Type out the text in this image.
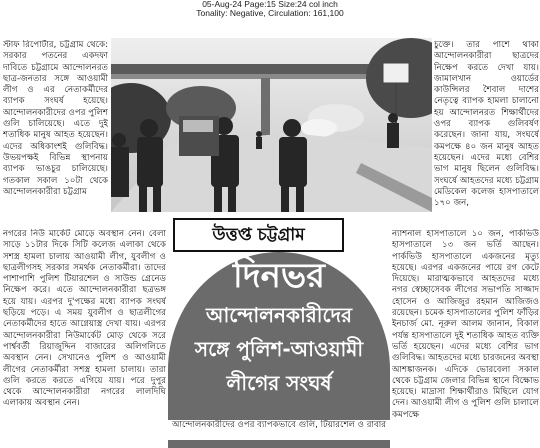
05-Aug-24 Page:15 Size:24 col inch
Tonality: Negative, Circulation: 161,100

স্টাফ রিপোর্টার, চট্টগ্রাম থেকে: সরকার পতনের একদফা দাবিতে চট্টগ্রামে আন্দোলনরত ছাত্র-জনতার সঙ্গে আওয়ামী লীগ ও এর নেতাকর্মীদের ব্যাপক সংঘর্ষ হয়েছে। আন্দোলনকারীদের ওপর পুলিশ গুলি চালিয়েছে। এতে দুই শতাধিক মানুষ আহত হয়েছেন। এদের অধিকাংশই গুলিবিদ্ধ। উভয়পক্ষই বিভিন্ন স্থাপনায় ব্যাপক ভাঙচুর চালিয়েছে। গতকাল সকাল ১০টা থেকে আন্দোলনকারীরা চট্টগ্রাম

চুক্তে। তার পাশে থাকা আন্দোলনকারীরা ছাত্রদের নিক্ষেপ করতে দেখা যায়। জামালখান ওয়ার্ডের কাউন্সিলর শৈবাল দাশের নেতৃত্বে ব্যাপক হামলা চালানো হয় আন্দোলনরত শিক্ষার্থীদের ওপর ব্যাপক গুলিবর্ষণ করেছেন। জানা যায়, সংঘর্ষে কমপক্ষে ৪০ জন মানুষ আহত হয়েছেন। এদের মধ্যে বেশির ভাগ মানুষ ছিলেন গুলিবিদ্ধ। সংঘর্ষে আহতদের মধ্যে চট্টগ্রাম মেডিকেল কলেজ হাসপাতালে ১৭০ জন,

নগরের নিউ মার্কেট মোড়ে অবস্থান নেন। বেলা সাড়ে ১১টার দিকে সিটি কলেজ এলাকা থেকে সশস্ত্র হামলা চালায় আওয়ামী লীগ, যুবলীগ ও ছাত্রলীগসহ সরকার সমর্থক নেতাকর্মীরা। তাদের পাশাপাশি পুলিশ টিয়ারশেল ও সাউন্ড গ্রেনেড নিক্ষেপ করে। এতে আন্দোলনকারীরা ছত্রভঙ্গ হয়ে যায়। এরপর দু'পক্ষের মধ্যে ব্যাপক সংঘর্ষ ছড়িয়ে পড়ে। এ সময় যুবলীগ ও ছাত্রলীগের নেতাকর্মীদের হাতে আগ্নেয়াস্ত্র দেখা যায়। এরপর আন্দোলনকারীরা নিউমার্কেট মোড় থেকে সরে পার্শ্ববর্তী রিয়াজুদ্দিন বাজারের অলিগলিতে অবস্থান নেন। সেখানেও পুলিশ ও আওয়ামী লীগের নেতাকর্মীরা সশস্ত্র হামলা চালায়। তারা গুলি করতে করতে এগিয়ে যায়। পরে দুপুর থেকে আন্দোলনকারীরা নগরের লালদিঘি এলাকায় অবস্থান নেন।

ন্যাশনাল হাসপাতালে ১০ জন, পার্কভিউ হাসপাতালে ১৩ জন ভর্তি আছেন। পার্কভিউ হাসপাতালে একজনের মৃত্যু হয়েছে। এরপর একজনের পায়ে রগ কেটে দিয়েছে। মারাত্মকভাবে আহতদের মধ্যে নগর স্বেচ্ছাসেবক লীগের সভাপতি সাজ্জাদ হোসেন ও আজিজুর রহমান আজিজও রয়েছেন। চমেক হাসপাতালের পুলিশ ফাঁড়ির ইনচার্জ মো. নূরুল আলম জানান, বিকাল পর্যন্ত হাসপাতালে দুই শতাধিক আহত ব্যক্তি ভর্তি হয়েছেন। এদের মধ্যে বেশির ভাগ গুলিবিদ্ধ। আহতদের মধ্যে চারজনের অবস্থা আশঙ্কাজনক। এদিকে ভোরবেলা সকাল থেকে চট্টগ্রাম জেলার বিভিন্ন স্থানে বিক্ষোভ হয়েছে। মাদ্রাসা শিক্ষার্থীরাও মিছিলে যোগ দেন। আওয়ামী লীগ ও পুলিশ গুলি চালালে কমপক্ষে

উত্তপ্ত চট্টগ্রাম
দিনভর
আন্দোলনকারীদের
সঙ্গে পুলিশ-আওয়ামী
লীগের সংঘর্ষ

আন্দোলনকারীদের ওপর ব্যাপকভাবে গুলি, টিয়ারশেল ও রাবার
